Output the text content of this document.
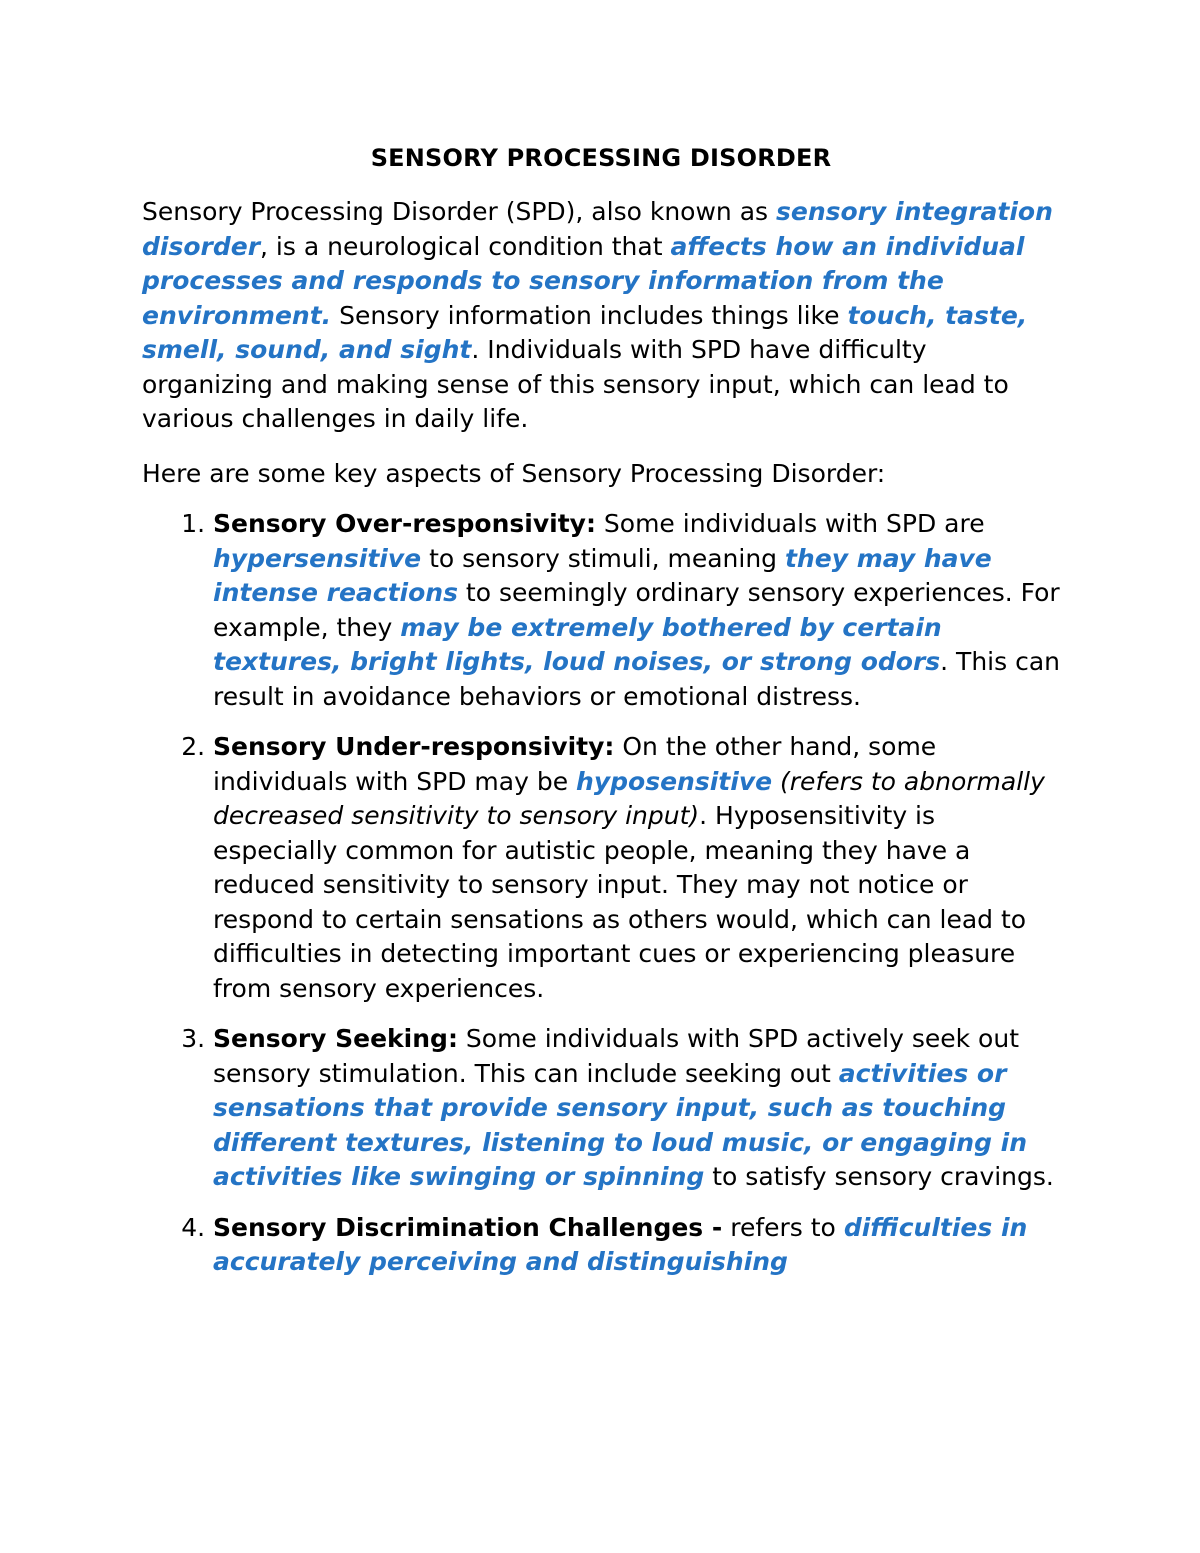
SENSORY PROCESSING DISORDER

Sensory Processing Disorder (SPD), also known as sensory integration disorder, is a neurological condition that affects how an individual processes and responds to sensory information from the environment. Sensory information includes things like touch, taste, smell, sound, and sight. Individuals with SPD have difficulty organizing and making sense of this sensory input, which can lead to various challenges in daily life.

Here are some key aspects of Sensory Processing Disorder:

1. Sensory Over-responsivity: Some individuals with SPD are hypersensitive to sensory stimuli, meaning they may have intense reactions to seemingly ordinary sensory experiences. For example, they may be extremely bothered by certain textures, bright lights, loud noises, or strong odors. This can result in avoidance behaviors or emotional distress.
2. Sensory Under-responsivity: On the other hand, some individuals with SPD may be hyposensitive (refers to abnormally decreased sensitivity to sensory input). Hyposensitivity is especially common for autistic people, meaning they have a reduced sensitivity to sensory input. They may not notice or respond to certain sensations as others would, which can lead to difficulties in detecting important cues or experiencing pleasure from sensory experiences.
3. Sensory Seeking: Some individuals with SPD actively seek out sensory stimulation. This can include seeking out activities or sensations that provide sensory input, such as touching different textures, listening to loud music, or engaging in activities like swinging or spinning to satisfy sensory cravings.
4. Sensory Discrimination Challenges - refers to difficulties in accurately perceiving and distinguishing
